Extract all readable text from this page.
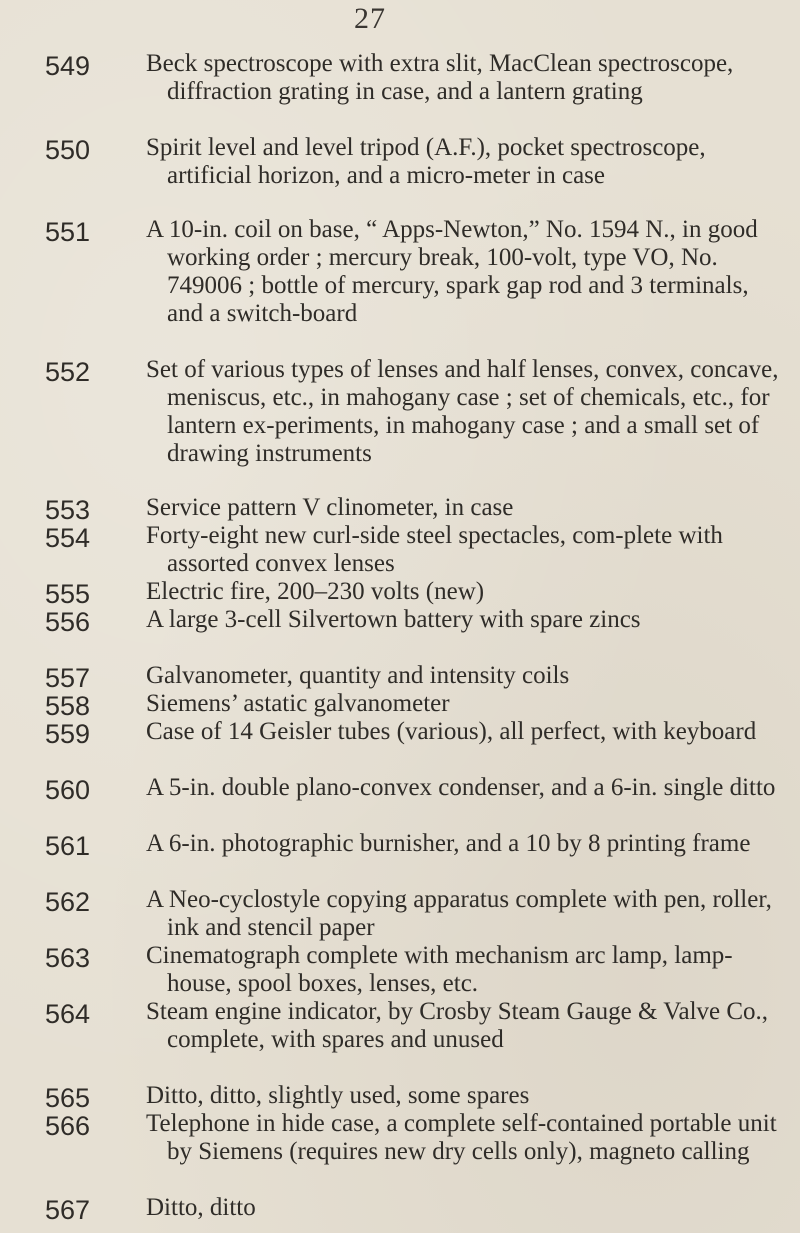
27
549 Beck spectroscope with extra slit, MacClean spectroscope, diffraction grating in case, and a lantern grating
550 Spirit level and level tripod (A.F.), pocket spectroscope, artificial horizon, and a micro-meter in case
551 A 10-in. coil on base, “ Apps-Newton,” No. 1594 N., in good working order ; mercury break, 100-volt, type VO, No. 749006 ; bottle of mercury, spark gap rod and 3 terminals, and a switch-board
552 Set of various types of lenses and half lenses, convex, concave, meniscus, etc., in mahogany case ; set of chemicals, etc., for lantern ex-periments, in mahogany case ; and a small set of drawing instruments
553 Service pattern V clinometer, in case
554 Forty-eight new curl-side steel spectacles, com-plete with assorted convex lenses
555 Electric fire, 200–230 volts (new)
556 A large 3-cell Silvertown battery with spare zincs
557 Galvanometer, quantity and intensity coils
558 Siemens’ astatic galvanometer
559 Case of 14 Geisler tubes (various), all perfect, with keyboard
560 A 5-in. double plano-convex condenser, and a 6-in. single ditto
561 A 6-in. photographic burnisher, and a 10 by 8 printing frame
562 A Neo-cyclostyle copying apparatus complete with pen, roller, ink and stencil paper
563 Cinematograph complete with mechanism arc lamp, lamp-house, spool boxes, lenses, etc.
564 Steam engine indicator, by Crosby Steam Gauge & Valve Co., complete, with spares and unused
565 Ditto, ditto, slightly used, some spares
566 Telephone in hide case, a complete self-contained portable unit by Siemens (requires new dry cells only), magneto calling
567 Ditto, ditto
